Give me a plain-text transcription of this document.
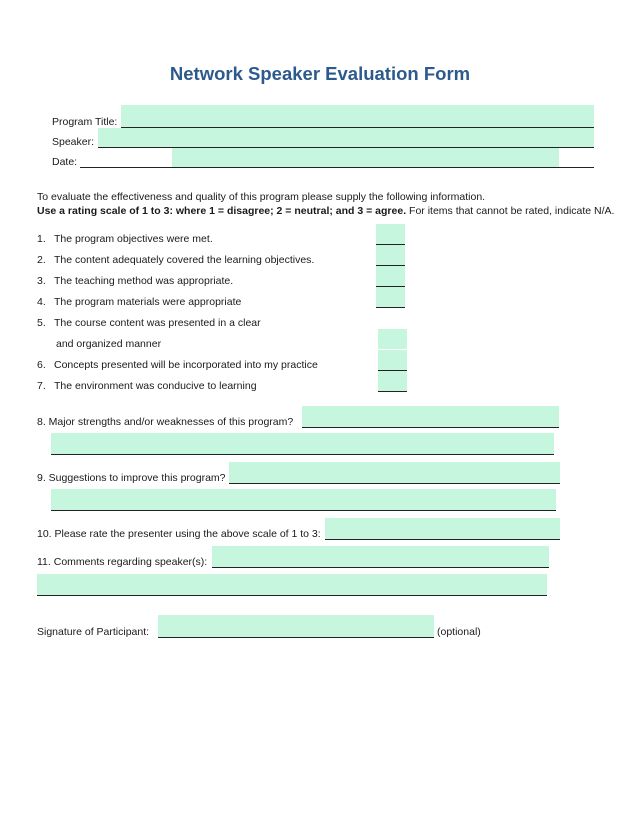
Network Speaker Evaluation Form
Program Title:
Speaker:
Date:
To evaluate the effectiveness and quality of this program please supply the following information.
Use a rating scale of 1 to 3: where 1 = disagree; 2 = neutral; and 3 = agree. For items that cannot be rated, indicate N/A.
1. The program objectives were met.
2. The content adequately covered the learning objectives.
3. The teaching method was appropriate.
4. The program materials were appropriate
5. The course content was presented in a clear
and organized manner
6. Concepts presented will be incorporated into my practice
7. The environment was conducive to learning
8. Major strengths and/or weaknesses of this program?
9. Suggestions to improve this program?
10. Please rate the presenter using the above scale of 1 to 3:
11. Comments regarding speaker(s):
Signature of Participant:	(optional)
